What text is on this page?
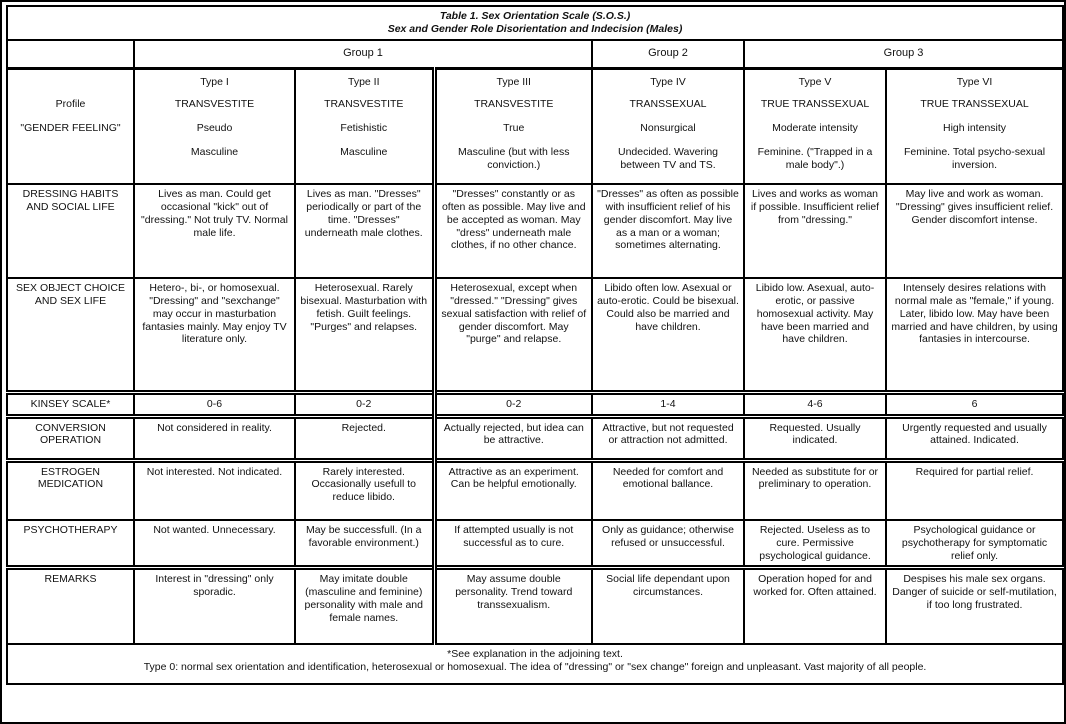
Table 1. Sex Orientation Scale (S.O.S.)
Sex and Gender Role Disorientation and Indecision (Males)						

	Group 1			Group 2	Group 3	
	Type I	Type II	Type III	Type IV	Type V	Type VI
Profile	TRANSVESTITE	TRANSVESTITE	TRANSVESTITE	TRANSSEXUAL	TRUE TRANSSEXUAL	TRUE TRANSSEXUAL
"GENDER FEELING"	Pseudo	Fetishistic	True	Nonsurgical	Moderate intensity	High intensity
	Masculine	Masculine	Masculine (but with less conviction.)	Undecided. Wavering between TV and TS.	Feminine. ("Trapped in a male body".)	Feminine. Total psycho-sexual inversion.
DRESSING HABITS AND SOCIAL LIFE	Lives as man. Could get occasional "kick" out of "dressing." Not truly TV. Normal male life.	Lives as man. "Dresses" periodically or part of the time. "Dresses" underneath male clothes.	"Dresses" constantly or as often as possible. May live and be accepted as woman. May "dress" underneath male clothes, if no other chance.	"Dresses" as often as possible with insufficient relief of his gender discomfort. May live as a man or a woman; sometimes alternating.	Lives and works as woman if possible. Insufficient relief from "dressing."	May live and work as woman. "Dressing" gives insufficient relief. Gender discomfort intense.
SEX OBJECT CHOICE AND SEX LIFE	Hetero-, bi-, or homosexual. "Dressing" and "sexchange" may occur in masturbation fantasies mainly. May enjoy TV literature only.	Heterosexual. Rarely bisexual. Masturbation with fetish. Guilt feelings. "Purges" and relapses.	Heterosexual, except when "dressed." "Dressing" gives sexual satisfaction with relief of gender discomfort. May "purge" and relapse.	Libido often low. Asexual or auto-erotic. Could be bisexual. Could also be married and have children.	Libido low. Asexual, auto-erotic, or passive homosexual activity. May have been married and have children.	Intensely desires relations with normal male as "female," if young. Later, libido low. May have been married and have children, by using fantasies in intercourse.
KINSEY SCALE*	0-6	0-2	0-2	1-4	4-6	6
CONVERSION OPERATION	Not considered in reality.	Rejected.	Actually rejected, but idea can be attractive.	Attractive, but not requested or attraction not admitted.	Requested. Usually indicated.	Urgently requested and usually attained. Indicated.
ESTROGEN MEDICATION	Not interested. Not indicated.	Rarely interested. Occasionally usefull to reduce libido.	Attractive as an experiment. Can be helpful emotionally.	Needed for comfort and emotional ballance.	Needed as substitute for or preliminary to operation.	Required for partial relief.
PSYCHOTHERAPY	Not wanted. Unnecessary.	May be successfull. (In a favorable environment.)	If attempted usually is not successful as to cure.	Only as guidance; otherwise refused or unsuccessful.	Rejected. Useless as to cure. Permissive psychological guidance.	Psychological guidance or psychotherapy for symptomatic relief only.
REMARKS	Interest in "dressing" only sporadic.	May imitate double (masculine and feminine) personality with male and female names.	May assume double personality. Trend toward transsexualism.	Social life dependant upon circumstances.	Operation hoped for and worked for. Often attained.	Despises his male sex organs. Danger of suicide or self-mutilation, if too long frustrated.

*See explanation in the adjoining text.
Type 0: normal sex orientation and identification, heterosexual or homosexual. The idea of "dressing" or "sex change" foreign and unpleasant. Vast majority of all people.						
